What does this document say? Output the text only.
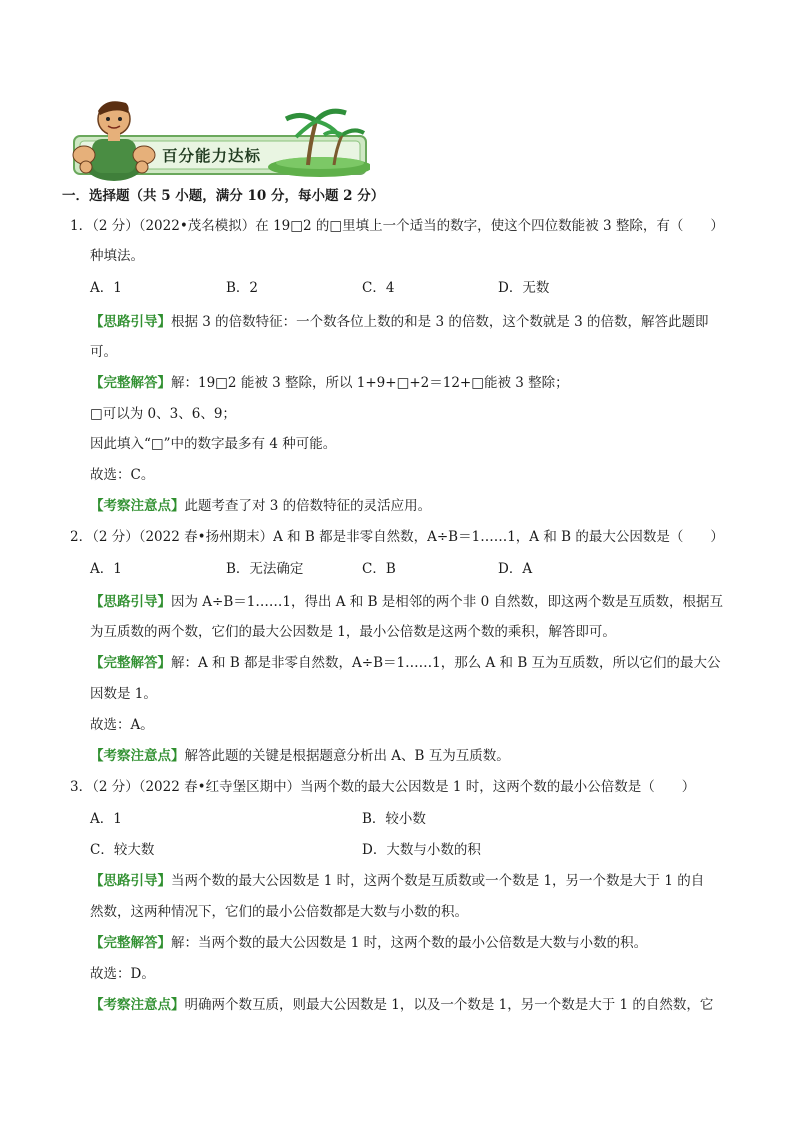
百分能力达标
一．选择题（共 5 小题，满分 10 分，每小题 2 分）
1．（2 分）（2022•茂名模拟）在 19□2 的□里填上一个适当的数字，使这个四位数能被 3 整除，有（　　）
种填法。
A．1	B．2	C．4	D．无数
【思路引导】根据 3 的倍数特征：一个数各位上数的和是 3 的倍数，这个数就是 3 的倍数，解答此题即
可。
【完整解答】解：19□2 能被 3 整除，所以 1+9+□+2＝12+□能被 3 整除；
□可以为 0、3、6、9；
因此填入“□”中的数字最多有 4 种可能。
故选：C。
【考察注意点】此题考查了对 3 的倍数特征的灵活应用。
2．（2 分）（2022 春•扬州期末）A 和 B 都是非零自然数，A÷B＝1……1，A 和 B 的最大公因数是（　　）
A．1	B．无法确定	C．B	D．A
【思路引导】因为 A÷B＝1……1，得出 A 和 B 是相邻的两个非 0 自然数，即这两个数是互质数，根据互
为互质数的两个数，它们的最大公因数是 1，最小公倍数是这两个数的乘积，解答即可。
【完整解答】解：A 和 B 都是非零自然数，A÷B＝1……1，那么 A 和 B 互为互质数，所以它们的最大公
因数是 1。
故选：A。
【考察注意点】解答此题的关键是根据题意分析出 A、B 互为互质数。
3．（2 分）（2022 春•红寺堡区期中）当两个数的最大公因数是 1 时，这两个数的最小公倍数是（　　）
A．1	B．较小数
C．较大数	D．大数与小数的积
【思路引导】当两个数的最大公因数是 1 时，这两个数是互质数或一个数是 1，另一个数是大于 1 的自
然数，这两种情况下，它们的最小公倍数都是大数与小数的积。
【完整解答】解：当两个数的最大公因数是 1 时，这两个数的最小公倍数是大数与小数的积。
故选：D。
【考察注意点】明确两个数互质，则最大公因数是 1，以及一个数是 1，另一个数是大于 1 的自然数，它
